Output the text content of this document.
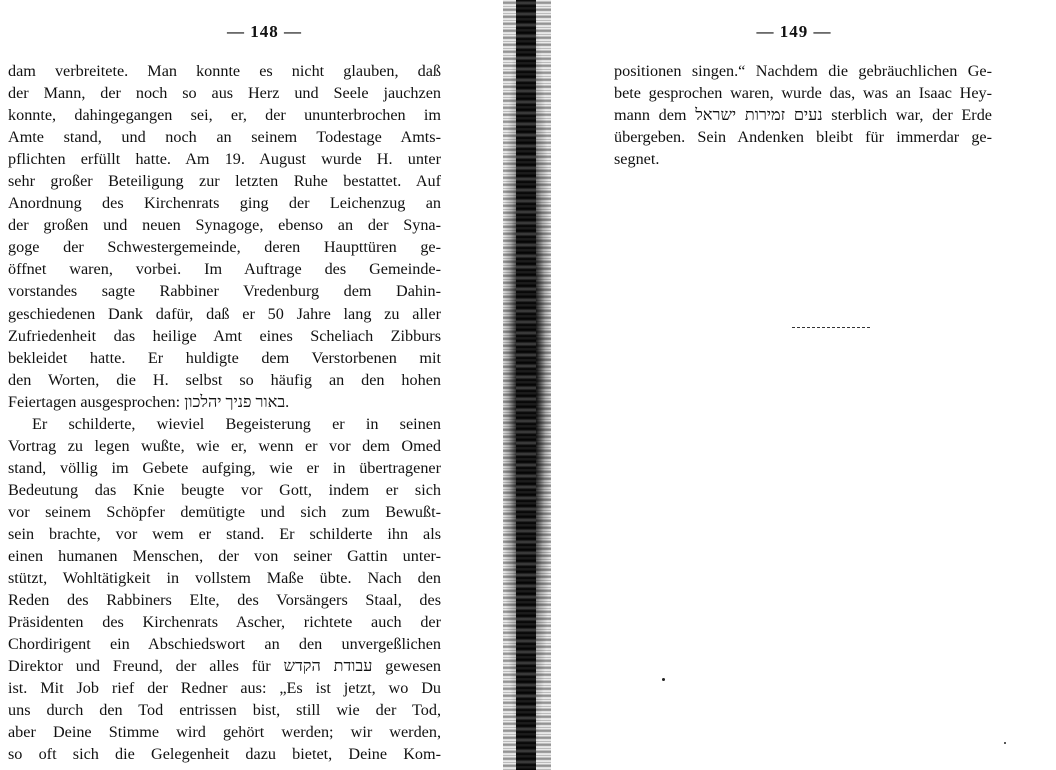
— 148 —
dam verbreitete. Man konnte es nicht glauben, daß
der Mann, der noch so aus Herz und Seele jauchzen
konnte, dahingegangen sei, er, der ununterbrochen im
Amte stand, und noch an seinem Todestage Amts-
pflichten erfüllt hatte. Am 19. August wurde H. unter
sehr großer Beteiligung zur letzten Ruhe bestattet. Auf
Anordnung des Kirchenrats ging der Leichenzug an
der großen und neuen Synagoge, ebenso an der Syna-
goge der Schwestergemeinde, deren Haupttüren ge-
öffnet waren, vorbei. Im Auftrage des Gemeinde-
vorstandes sagte Rabbiner Vredenburg dem Dahin-
geschiedenen Dank dafür, daß er 50 Jahre lang zu aller
Zufriedenheit das heilige Amt eines Scheliach Zibburs
bekleidet hatte. Er huldigte dem Verstorbenen mit
den Worten, die H. selbst so häufig an den hohen
Feiertagen ausgesprochen: באור פניך יהלכון.
Er schilderte, wieviel Begeisterung er in seinen
Vortrag zu legen wußte, wie er, wenn er vor dem Omed
stand, völlig im Gebete aufging, wie er in übertragener
Bedeutung das Knie beugte vor Gott, indem er sich
vor seinem Schöpfer demütigte und sich zum Bewußt-
sein brachte, vor wem er stand. Er schilderte ihn als
einen humanen Menschen, der von seiner Gattin unter-
stützt, Wohltätigkeit in vollstem Maße übte. Nach den
Reden des Rabbiners Elte, des Vorsängers Staal, des
Präsidenten des Kirchenrats Ascher, richtete auch der
Chordirigent ein Abschiedswort an den unvergeßlichen
Direktor und Freund, der alles für עבודת הקדש gewesen
ist. Mit Job rief der Redner aus: „Es ist jetzt, wo Du
uns durch den Tod entrissen bist, still wie der Tod,
aber Deine Stimme wird gehört werden; wir werden,
so oft sich die Gelegenheit dazu bietet, Deine Kom-
— 149 —
positionen singen.“ Nachdem die gebräuchlichen Ge-
bete gesprochen waren, wurde das, was an Isaac Hey-
mann dem נעים זמירות ישראל sterblich war, der Erde
übergeben. Sein Andenken bleibt für immerdar ge-
segnet.
